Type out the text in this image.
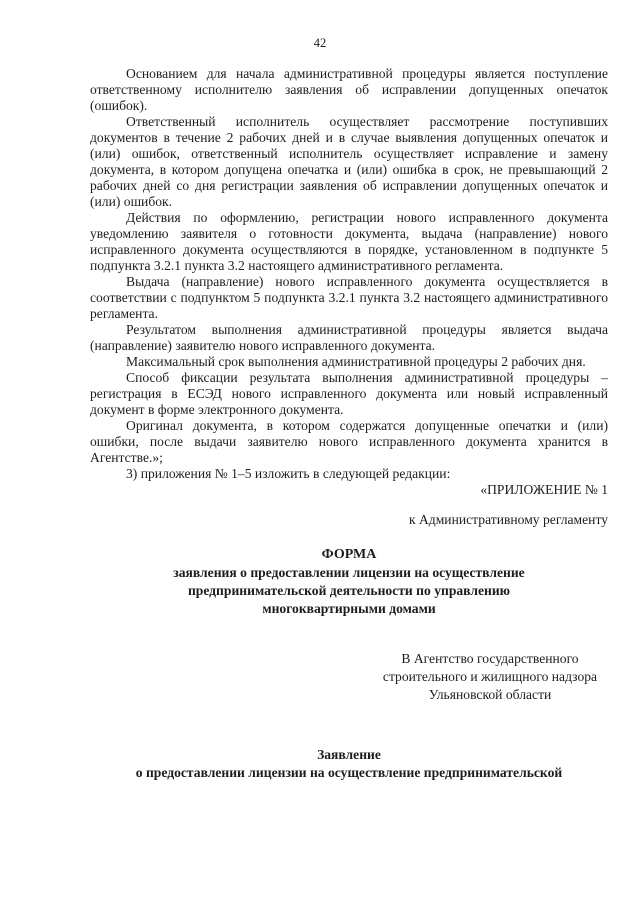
42

Основанием для начала административной процедуры является поступление ответственному исполнителю заявления об исправлении допущенных опечаток (ошибок).

Ответственный исполнитель осуществляет рассмотрение поступивших документов в течение 2 рабочих дней и в случае выявления допущенных опечаток и (или) ошибок, ответственный исполнитель осуществляет исправление и замену документа, в котором допущена опечатка и (или) ошибка в срок, не превышающий 2 рабочих дней со дня регистрации заявления об исправлении допущенных опечаток и (или) ошибок.

Действия по оформлению, регистрации нового исправленного документа уведомлению заявителя о готовности документа, выдача (направление) нового исправленного документа осуществляются в порядке, установленном в подпункте 5 подпункта 3.2.1 пункта 3.2 настоящего административного регламента.

Выдача (направление) нового исправленного документа осуществляется в соответствии с подпунктом 5 подпункта 3.2.1 пункта 3.2 настоящего административного регламента.

Результатом выполнения административной процедуры является выдача (направление) заявителю нового исправленного документа.

Максимальный срок выполнения административной процедуры 2 рабочих дня.

Способ фиксации результата выполнения административной процедуры – регистрация в ЕСЭД нового исправленного документа или новый исправленный документ в форме электронного документа.

Оригинал документа, в котором содержатся допущенные опечатки и (или) ошибки, после выдачи заявителю нового исправленного документа хранится в Агентстве.»;

3) приложения № 1–5 изложить в следующей редакции:

«ПРИЛОЖЕНИЕ № 1

к Административному регламенту

ФОРМА

заявления о предоставлении лицензии на осуществление

предпринимательской деятельности по управлению

многоквартирными домами

В Агентство государственного
строительного и жилищного надзора
Ульяновской области

Заявление

о предоставлении лицензии на осуществление предпринимательской
